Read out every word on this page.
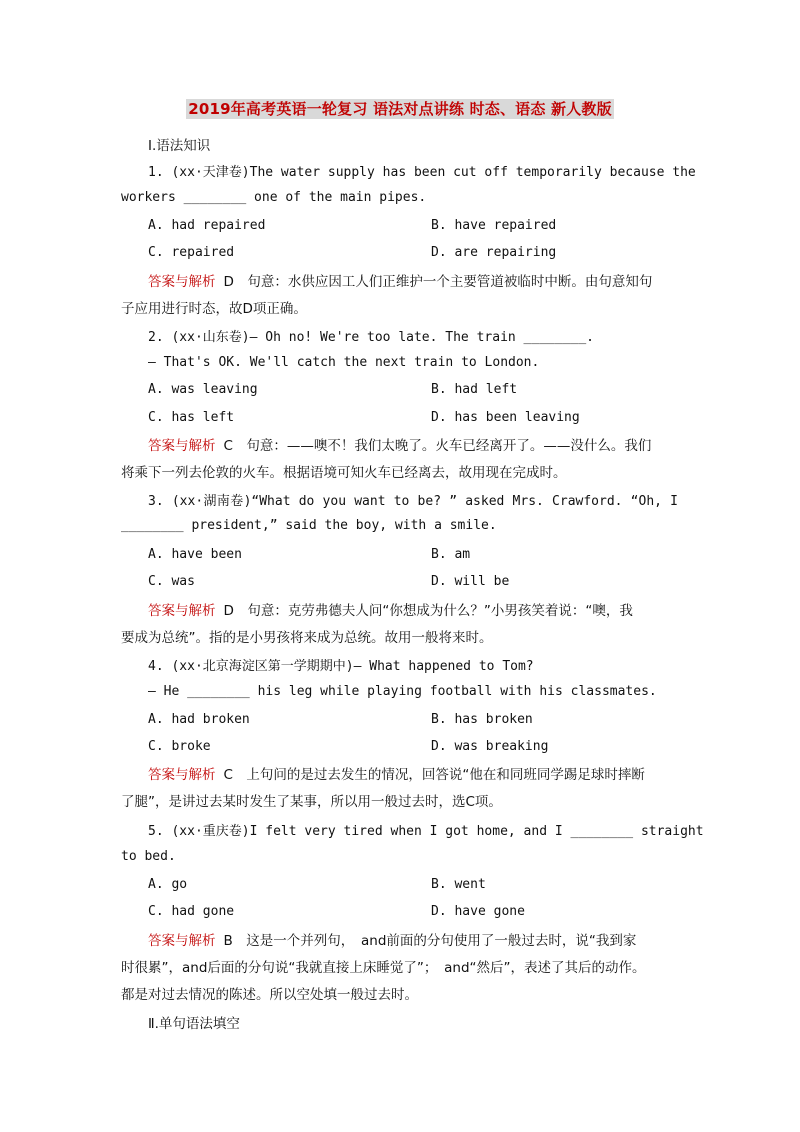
2019年高考英语一轮复习 语法对点讲练 时态、语态 新人教版
Ⅰ.语法知识
1. (xx·天津卷)The water supply has been cut off temporarily because the
workers ________ one of the main pipes.
A. had repaired	B. have repaired
C. repaired	D. are repairing
答案与解析 D　句意：水供应因工人们正维护一个主要管道被临时中断。由句意知句
子应用进行时态，故D项正确。
2. (xx·山东卷)— Oh no! We're too late. The train ________.
— That's OK. We'll catch the next train to London.
A. was leaving	B. had left
C. has left	D. has been leaving
答案与解析 C　句意：——噢不！我们太晚了。火车已经离开了。——没什么。我们
将乘下一列去伦敦的火车。根据语境可知火车已经离去，故用现在完成时。
3. (xx·湖南卷)“What do you want to be? ” asked Mrs. Crawford. “Oh, I
________ president,” said the boy, with a smile.
A. have been	B. am
C. was	D. will be
答案与解析 D　句意：克劳弗德夫人问“你想成为什么？”小男孩笑着说：“噢，我
要成为总统”。指的是小男孩将来成为总统。故用一般将来时。
4. (xx·北京海淀区第一学期期中)— What happened to Tom?
— He ________ his leg while playing football with his classmates.
A. had broken	B. has broken
C. broke	D. was breaking
答案与解析 C　上句问的是过去发生的情况，回答说“他在和同班同学踢足球时摔断
了腿”，是讲过去某时发生了某事，所以用一般过去时，选C项。
5. (xx·重庆卷)I felt very tired when I got home, and I ________ straight
to bed.
A. go	B. went
C. had gone	D. have gone
答案与解析 B　这是一个并列句，　and前面的分句使用了一般过去时，说“我到家
时很累”，and后面的分句说“我就直接上床睡觉了”；　and“然后”，表述了其后的动作。
都是对过去情况的陈述。所以空处填一般过去时。
Ⅱ.单句语法填空
